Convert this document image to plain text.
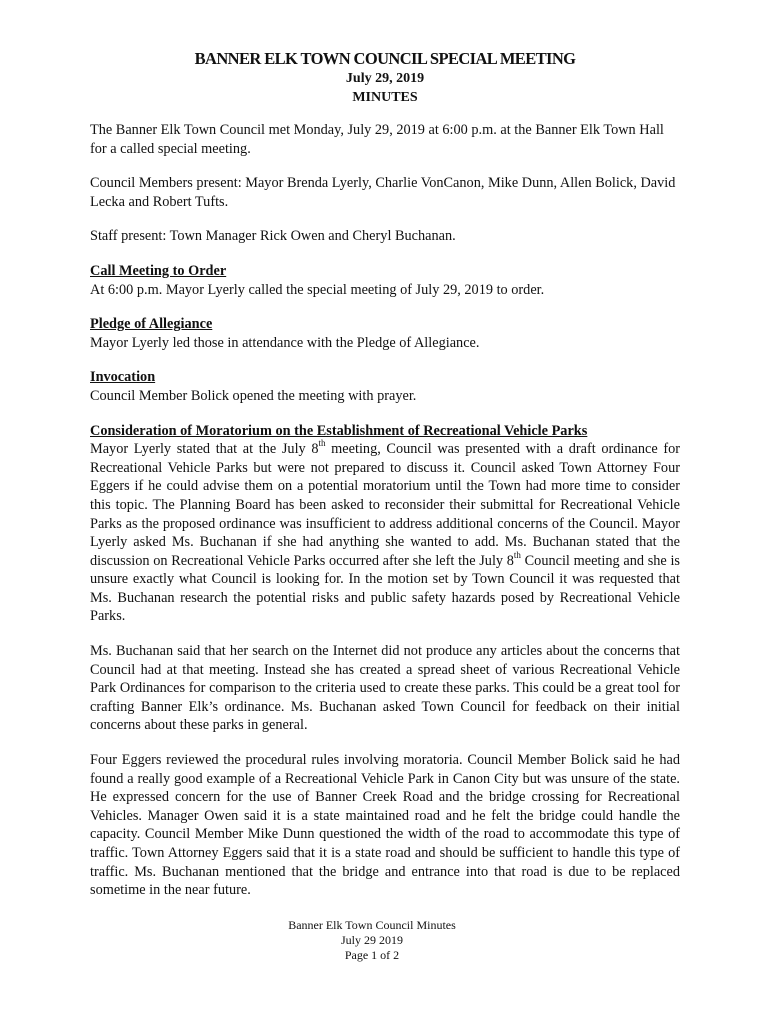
BANNER ELK TOWN COUNCIL SPECIAL MEETING
July 29, 2019
MINUTES

The Banner Elk Town Council met Monday, July 29, 2019 at 6:00 p.m. at the Banner Elk Town Hall for a called special meeting.

Council Members present: Mayor Brenda Lyerly, Charlie VonCanon, Mike Dunn, Allen Bolick, David Lecka and Robert Tufts.

Staff present: Town Manager Rick Owen and Cheryl Buchanan.

Call Meeting to Order
At 6:00 p.m. Mayor Lyerly called the special meeting of July 29, 2019 to order.

Pledge of Allegiance
Mayor Lyerly led those in attendance with the Pledge of Allegiance.

Invocation
Council Member Bolick opened the meeting with prayer.

Consideration of Moratorium on the Establishment of Recreational Vehicle Parks
Mayor Lyerly stated that at the July 8th meeting, Council was presented with a draft ordinance for Recreational Vehicle Parks but were not prepared to discuss it. Council asked Town Attorney Four Eggers if he could advise them on a potential moratorium until the Town had more time to consider this topic. The Planning Board has been asked to reconsider their submittal for Recreational Vehicle Parks as the proposed ordinance was insufficient to address additional concerns of the Council. Mayor Lyerly asked Ms. Buchanan if she had anything she wanted to add. Ms. Buchanan stated that the discussion on Recreational Vehicle Parks occurred after she left the July 8th Council meeting and she is unsure exactly what Council is looking for. In the motion set by Town Council it was requested that Ms. Buchanan research the potential risks and public safety hazards posed by Recreational Vehicle Parks.

Ms. Buchanan said that her search on the Internet did not produce any articles about the concerns that Council had at that meeting. Instead she has created a spread sheet of various Recreational Vehicle Park Ordinances for comparison to the criteria used to create these parks. This could be a great tool for crafting Banner Elk’s ordinance. Ms. Buchanan asked Town Council for feedback on their initial concerns about these parks in general.

Four Eggers reviewed the procedural rules involving moratoria. Council Member Bolick said he had found a really good example of a Recreational Vehicle Park in Canon City but was unsure of the state. He expressed concern for the use of Banner Creek Road and the bridge crossing for Recreational Vehicles. Manager Owen said it is a state maintained road and he felt the bridge could handle the capacity. Council Member Mike Dunn questioned the width of the road to accommodate this type of traffic. Town Attorney Eggers said that it is a state road and should be sufficient to handle this type of traffic. Ms. Buchanan mentioned that the bridge and entrance into that road is due to be replaced sometime in the near future.

Banner Elk Town Council Minutes
July 29 2019
Page 1 of 2
